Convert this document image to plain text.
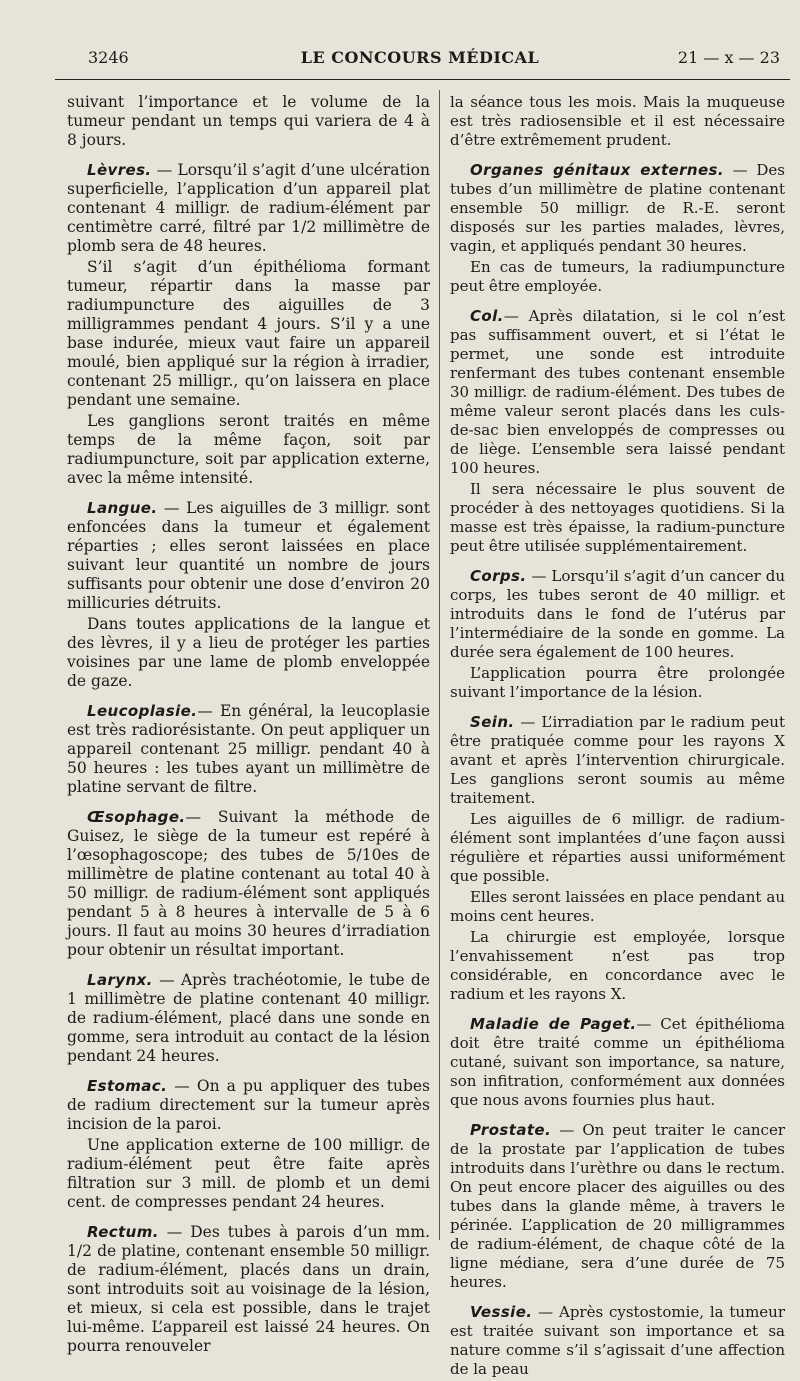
3246	LE CONCOURS MÉDICAL	21 — x — 23

suivant l’importance et le volume de la tumeur pendant un temps qui variera de 4 à 8 jours.

Lèvres. — Lorsqu’il s’agit d’une ulcération superficielle, l’application d’un appareil plat contenant 4 milligr. de radium-élément par centimètre carré, filtré par 1/2 millimètre de plomb sera de 48 heures.

S’il s’agit d’un épithélioma formant tumeur, répartir dans la masse par radiumpuncture des aiguilles de 3 milligrammes pendant 4 jours. S’il y a une base indurée, mieux vaut faire un appareil moulé, bien appliqué sur la région à irradier, contenant 25 milligr., qu’on laissera en place pendant une semaine.

Les ganglions seront traités en même temps de la même façon, soit par radiumpuncture, soit par application externe, avec la même intensité.

Langue. — Les aiguilles de 3 milligr. sont enfoncées dans la tumeur et également réparties ; elles seront laissées en place suivant leur quantité un nombre de jours suffisants pour obtenir une dose d’environ 20 millicuries détruits.

Dans toutes applications de la langue et des lèvres, il y a lieu de protéger les parties voisines par une lame de plomb enveloppée de gaze.

Leucoplasie.— En général, la leucoplasie est très radiorésistante. On peut appliquer un appareil contenant 25 milligr. pendant 40 à 50 heures : les tubes ayant un millimètre de platine servant de filtre.

Œsophage.— Suivant la méthode de Guisez, le siège de la tumeur est repéré à l’œsophagoscope; des tubes de 5/10es de millimètre de platine contenant au total 40 à 50 milligr. de radium-élément sont appliqués pendant 5 à 8 heures à intervalle de 5 à 6 jours. Il faut au moins 30 heures d’irradiation pour obtenir un résultat important.

Larynx. — Après trachéotomie, le tube de 1 millimètre de platine contenant 40 milligr. de radium-élément, placé dans une sonde en gomme, sera introduit au contact de la lésion pendant 24 heures.

Estomac. — On a pu appliquer des tubes de radium directement sur la tumeur après incision de la paroi.

Une application externe de 100 milligr. de radium-élément peut être faite après filtration sur 3 mill. de plomb et un demi cent. de compresses pendant 24 heures.

Rectum. — Des tubes à parois d’un mm. 1/2 de platine, contenant ensemble 50 milligr. de radium-élément, placés dans un drain, sont introduits soit au voisinage de la lésion, et mieux, si cela est possible, dans le trajet lui-même. L’appareil est laissé 24 heures. On pourra renouveler

la séance tous les mois. Mais la muqueuse est très radiosensible et il est nécessaire d’être extrêmement prudent.

Organes génitaux externes. — Des tubes d’un millimètre de platine contenant ensemble 50 milligr. de R.-E. seront disposés sur les parties malades, lèvres, vagin, et appliqués pendant 30 heures.

En cas de tumeurs, la radiumpuncture peut être employée.

Col.— Après dilatation, si le col n’est pas suffisamment ouvert, et si l’état le permet, une sonde est introduite renfermant des tubes contenant ensemble 30 milligr. de radium-élément. Des tubes de même valeur seront placés dans les culs-de-sac bien enveloppés de compresses ou de liège. L’ensemble sera laissé pendant 100 heures.

Il sera nécessaire le plus souvent de procéder à des nettoyages quotidiens. Si la masse est très épaisse, la radium-puncture peut être utilisée supplémentairement.

Corps. — Lorsqu’il s’agit d’un cancer du corps, les tubes seront de 40 milligr. et introduits dans le fond de l’utérus par l’intermédiaire de la sonde en gomme. La durée sera également de 100 heures.

L’application pourra être prolongée suivant l’importance de la lésion.

Sein. — L’irradiation par le radium peut être pratiquée comme pour les rayons X avant et après l’intervention chirurgicale. Les ganglions seront soumis au même traitement.

Les aiguilles de 6 milligr. de radium-élément sont implantées d’une façon aussi régulière et réparties aussi uniformément que possible.

Elles seront laissées en place pendant au moins cent heures.

La chirurgie est employée, lorsque l’envahissement n’est pas trop considérable, en concordance avec le radium et les rayons X.

Maladie de Paget.— Cet épithélioma doit être traité comme un épithélioma cutané, suivant son importance, sa nature, son infitration, conformément aux données que nous avons fournies plus haut.

Prostate. — On peut traiter le cancer de la prostate par l’application de tubes introduits dans l’urèthre ou dans le rectum. On peut encore placer des aiguilles ou des tubes dans la glande même, à travers le périnée. L’application de 20 milligrammes de radium-élément, de chaque côté de la ligne médiane, sera d’une durée de 75 heures.

Vessie. — Après cystostomie, la tumeur est traitée suivant son importance et sa nature comme s’il s’agissait d’une affection de la peau
